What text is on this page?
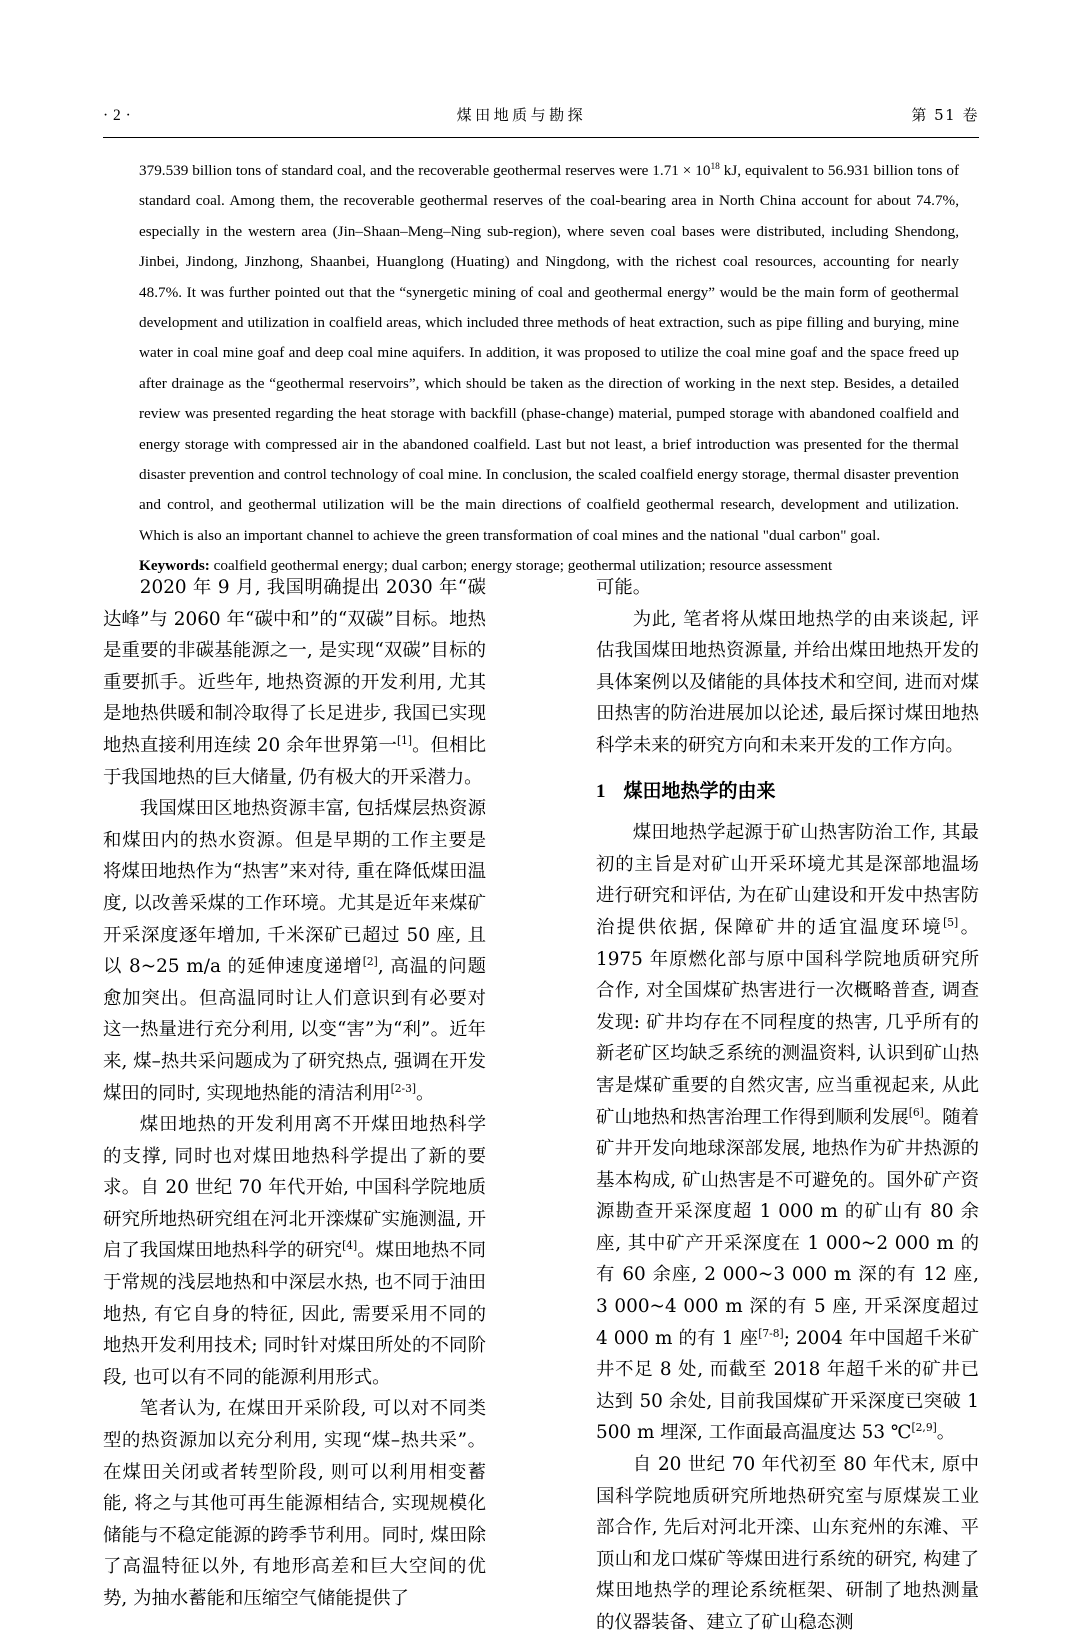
· 2 ·	煤田地质与勘探	第 51 卷

379.539 billion tons of standard coal, and the recoverable geothermal reserves were $1.71 \times 10^{18}$ kJ, equivalent to 56.931 billion tons of standard coal. Among them, the recoverable geothermal reserves of the coal-bearing area in North China account for about 74.7%, especially in the western area (Jin–Shaan–Meng–Ning sub-region), where seven coal bases were distributed, including Shendong, Jinbei, Jindong, Jinzhong, Shaanbei, Huanglong (Huating) and Ningdong, with the richest coal resources, accounting for nearly 48.7%. It was further pointed out that the “synergetic mining of coal and geothermal energy” would be the main form of geothermal development and utilization in coalfield areas, which included three methods of heat extraction, such as pipe filling and burying, mine water in coal mine goaf and deep coal mine aquifers. In addition, it was proposed to utilize the coal mine goaf and the space freed up after drainage as the “geothermal reservoirs”, which should be taken as the direction of working in the next step. Besides, a detailed review was presented regarding the heat storage with backfill (phase-change) material, pumped storage with abandoned coalfield and energy storage with compressed air in the abandoned coalfield. Last but not least, a brief introduction was presented for the thermal disaster prevention and control technology of coal mine. In conclusion, the scaled coalfield energy storage, thermal disaster prevention and control, and geothermal utilization will be the main directions of coalfield geothermal research, development and utilization. Which is also an important channel to achieve the green transformation of coal mines and the national "dual carbon" goal.

Keywords: coalfield geothermal energy; dual carbon; energy storage; geothermal utilization; resource assessment

2020 年 9 月, 我国明确提出 2030 年“碳达峰”与 2060 年“碳中和”的“双碳”目标。地热是重要的非碳基能源之一, 是实现“双碳”目标的重要抓手。近些年, 地热资源的开发利用, 尤其是地热供暖和制冷取得了长足进步, 我国已实现地热直接利用连续 20 余年世界第一[1]。但相比于我国地热的巨大储量, 仍有极大的开采潜力。

我国煤田区地热资源丰富, 包括煤层热资源和煤田内的热水资源。但是早期的工作主要是将煤田地热作为“热害”来对待, 重在降低煤田温度, 以改善采煤的工作环境。尤其是近年来煤矿开采深度逐年增加, 千米深矿已超过 50 座, 且以 8~25 m/a 的延伸速度递增[2], 高温的问题愈加突出。但高温同时让人们意识到有必要对这一热量进行充分利用, 以变“害”为“利”。近年来, 煤–热共采问题成为了研究热点, 强调在开发煤田的同时, 实现地热能的清洁利用[2-3]。

煤田地热的开发利用离不开煤田地热科学的支撑, 同时也对煤田地热科学提出了新的要求。自 20 世纪 70 年代开始, 中国科学院地质研究所地热研究组在河北开滦煤矿实施测温, 开启了我国煤田地热科学的研究[4]。煤田地热不同于常规的浅层地热和中深层水热, 也不同于油田地热, 有它自身的特征, 因此, 需要采用不同的地热开发利用技术; 同时针对煤田所处的不同阶段, 也可以有不同的能源利用形式。

笔者认为, 在煤田开采阶段, 可以对不同类型的热资源加以充分利用, 实现“煤–热共采”。在煤田关闭或者转型阶段, 则可以利用相变蓄能, 将之与其他可再生能源相结合, 实现规模化储能与不稳定能源的跨季节利用。同时, 煤田除了高温特征以外, 有地形高差和巨大空间的优势, 为抽水蓄能和压缩空气储能提供了

可能。

为此, 笔者将从煤田地热学的由来谈起, 评估我国煤田地热资源量, 并给出煤田地热开发的具体案例以及储能的具体技术和空间, 进而对煤田热害的防治进展加以论述, 最后探讨煤田地热科学未来的研究方向和未来开发的工作方向。

1 煤田地热学的由来

煤田地热学起源于矿山热害防治工作, 其最初的主旨是对矿山开采环境尤其是深部地温场进行研究和评估, 为在矿山建设和开发中热害防治提供依据, 保障矿井的适宜温度环境[5]。1975 年原燃化部与原中国科学院地质研究所合作, 对全国煤矿热害进行一次概略普查, 调查发现: 矿井均存在不同程度的热害, 几乎所有的新老矿区均缺乏系统的测温资料, 认识到矿山热害是煤矿重要的自然灾害, 应当重视起来, 从此矿山地热和热害治理工作得到顺利发展[6]。随着矿井开发向地球深部发展, 地热作为矿井热源的基本构成, 矿山热害是不可避免的。国外矿产资源勘查开采深度超 1 000 m 的矿山有 80 余座, 其中矿产开采深度在 1 000~2 000 m 的有 60 余座, 2 000~3 000 m 深的有 12 座, 3 000~4 000 m 深的有 5 座, 开采深度超过 4 000 m 的有 1 座[7-8]; 2004 年中国超千米矿井不足 8 处, 而截至 2018 年超千米的矿井已达到 50 余处, 目前我国煤矿开采深度已突破 1 500 m 埋深, 工作面最高温度达 53 ℃[2,9]。

自 20 世纪 70 年代初至 80 年代末, 原中国科学院地质研究所地热研究室与原煤炭工业部合作, 先后对河北开滦、山东兖州的东滩、平顶山和龙口煤矿等煤田进行系统的研究, 构建了煤田地热学的理论系统框架、研制了地热测量的仪器装备、建立了矿山稳态测
